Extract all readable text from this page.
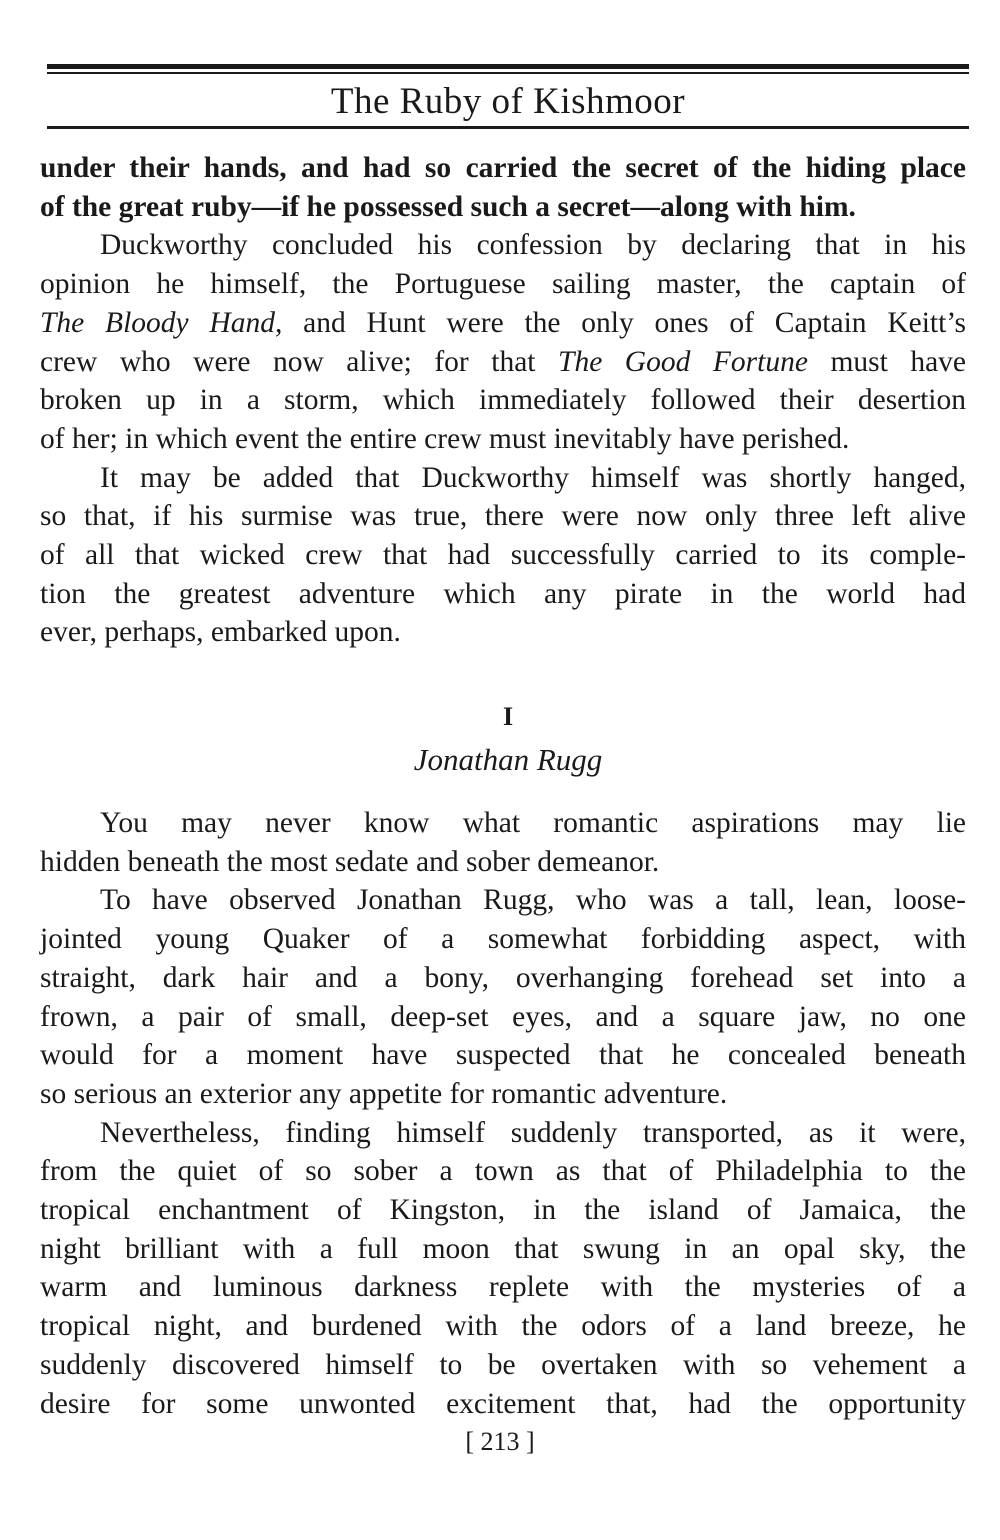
The Ruby of Kishmoor

under their hands, and had so carried the secret of the hiding place
of the great ruby—if he possessed such a secret—along with him.

Duckworthy concluded his confession by declaring that in his
opinion he himself, the Portuguese sailing master, the captain of
The Bloody Hand, and Hunt were the only ones of Captain Keitt’s
crew who were now alive; for that The Good Fortune must have
broken up in a storm, which immediately followed their desertion
of her; in which event the entire crew must inevitably have perished.

It may be added that Duckworthy himself was shortly hanged,
so that, if his surmise was true, there were now only three left alive
of all that wicked crew that had successfully carried to its comple-
tion the greatest adventure which any pirate in the world had
ever, perhaps, embarked upon.

I
Jonathan Rugg

You may never know what romantic aspirations may lie
hidden beneath the most sedate and sober demeanor.

To have observed Jonathan Rugg, who was a tall, lean, loose-
jointed young Quaker of a somewhat forbidding aspect, with
straight, dark hair and a bony, overhanging forehead set into a
frown, a pair of small, deep-set eyes, and a square jaw, no one
would for a moment have suspected that he concealed beneath
so serious an exterior any appetite for romantic adventure.

Nevertheless, finding himself suddenly transported, as it were,
from the quiet of so sober a town as that of Philadelphia to the
tropical enchantment of Kingston, in the island of Jamaica, the
night brilliant with a full moon that swung in an opal sky, the
warm and luminous darkness replete with the mysteries of a
tropical night, and burdened with the odors of a land breeze, he
suddenly discovered himself to be overtaken with so vehement a
desire for some unwonted excitement that, had the opportunity

[ 213 ]
